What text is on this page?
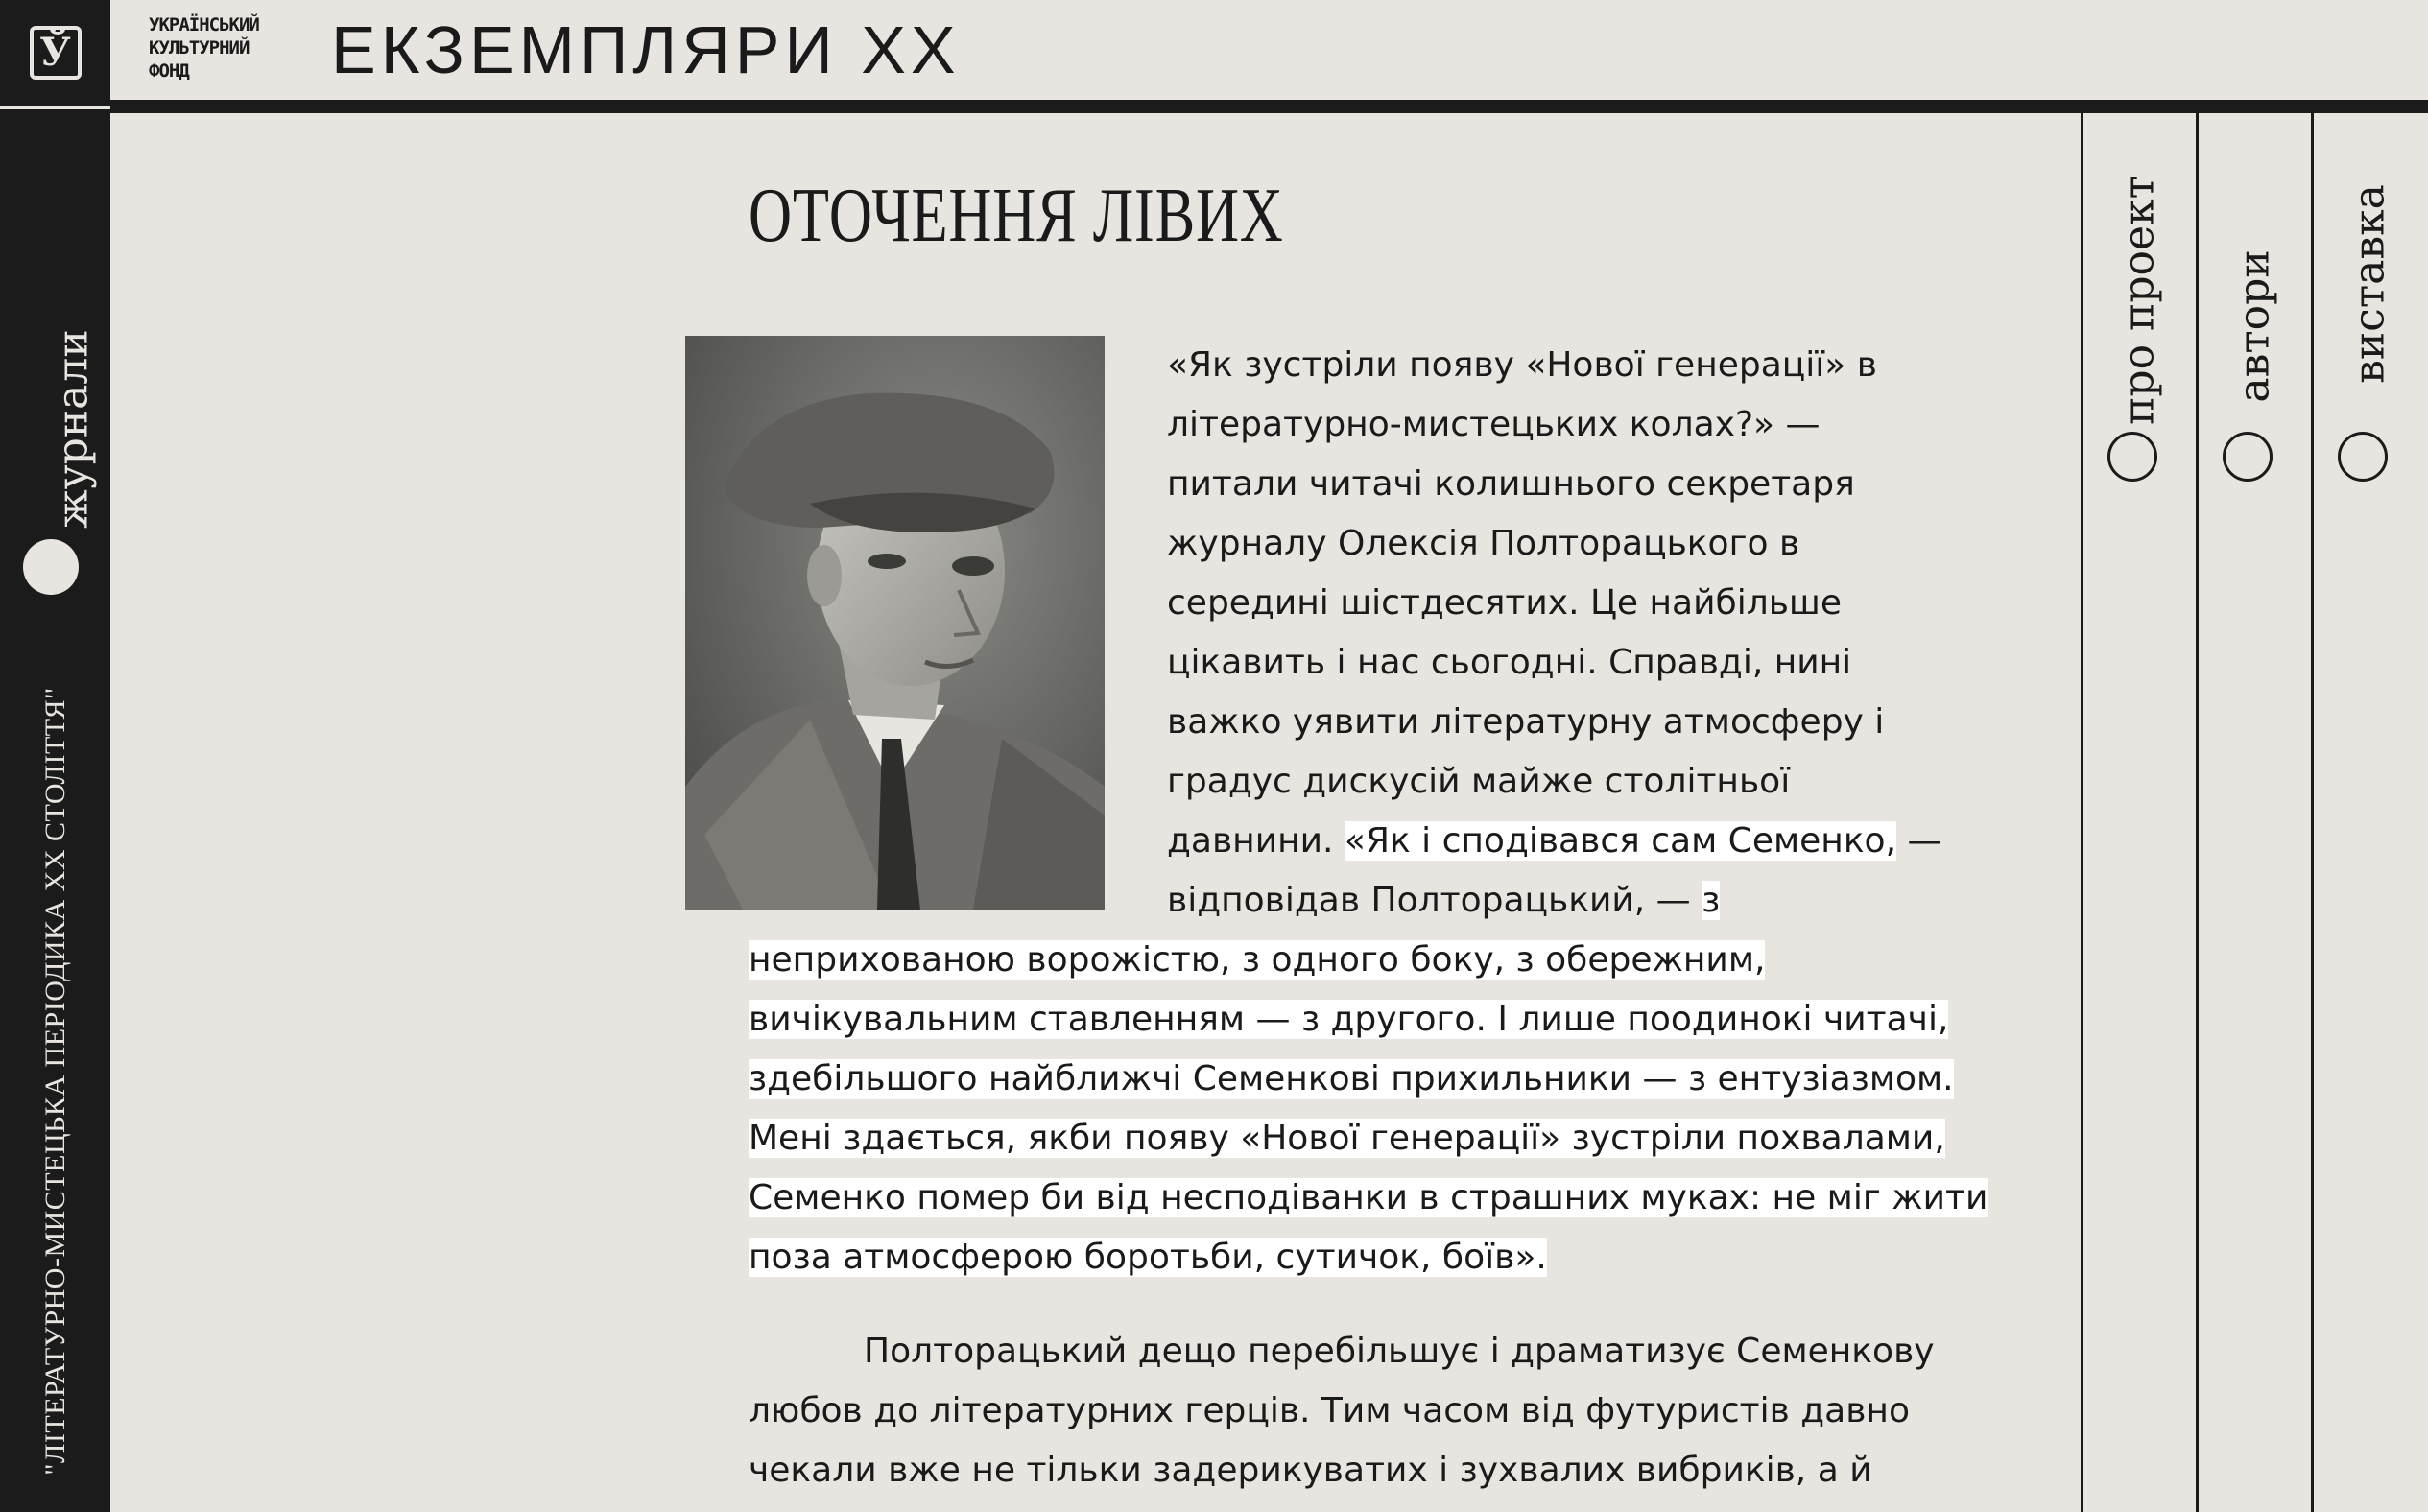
Ў
УКРАЇНСЬКИЙ
КУЛЬТУРНИЙ
ФОНД	ЕКЗЕМПЛЯРИ XX
журнали
"ЛІТЕРАТУРНО-МИСТЕЦЬКА ПЕРІОДИКА XX СТОЛІТТЯ"
про проект автори виставка
ОТОЧЕННЯ ЛІВИХ
«Як зустріли появу «Нової генерації» в
літературно-мистецьких колах?» —
питали читачі колишнього секретаря
журналу Олексія Полторацького в
середині шістдесятих. Це найбільше
цікавить і нас сьогодні. Справді, нині
важко уявити літературну атмосферу і
градус дискусій майже столітньої
давнини. «Як і сподівався сам Семенко, —
відповідав Полторацький, — з
неприхованою ворожістю, з одного боку, з обережним,
вичікувальним ставленням — з другого. І лише поодинокі читачі,
здебільшого найближчі Семенкові прихильники — з ентузіазмом.
Мені здається, якби появу «Нової генерації» зустріли похвалами,
Семенко помер би від несподіванки в страшних муках: не міг жити
поза атмосферою боротьби, сутичок, боїв».
Полторацький дещо перебільшує і драматизує Семенкову
любов до літературних герців. Тим часом від футуристів давно
чекали вже не тільки задерикуватих і зухвалих вибриків, а й
